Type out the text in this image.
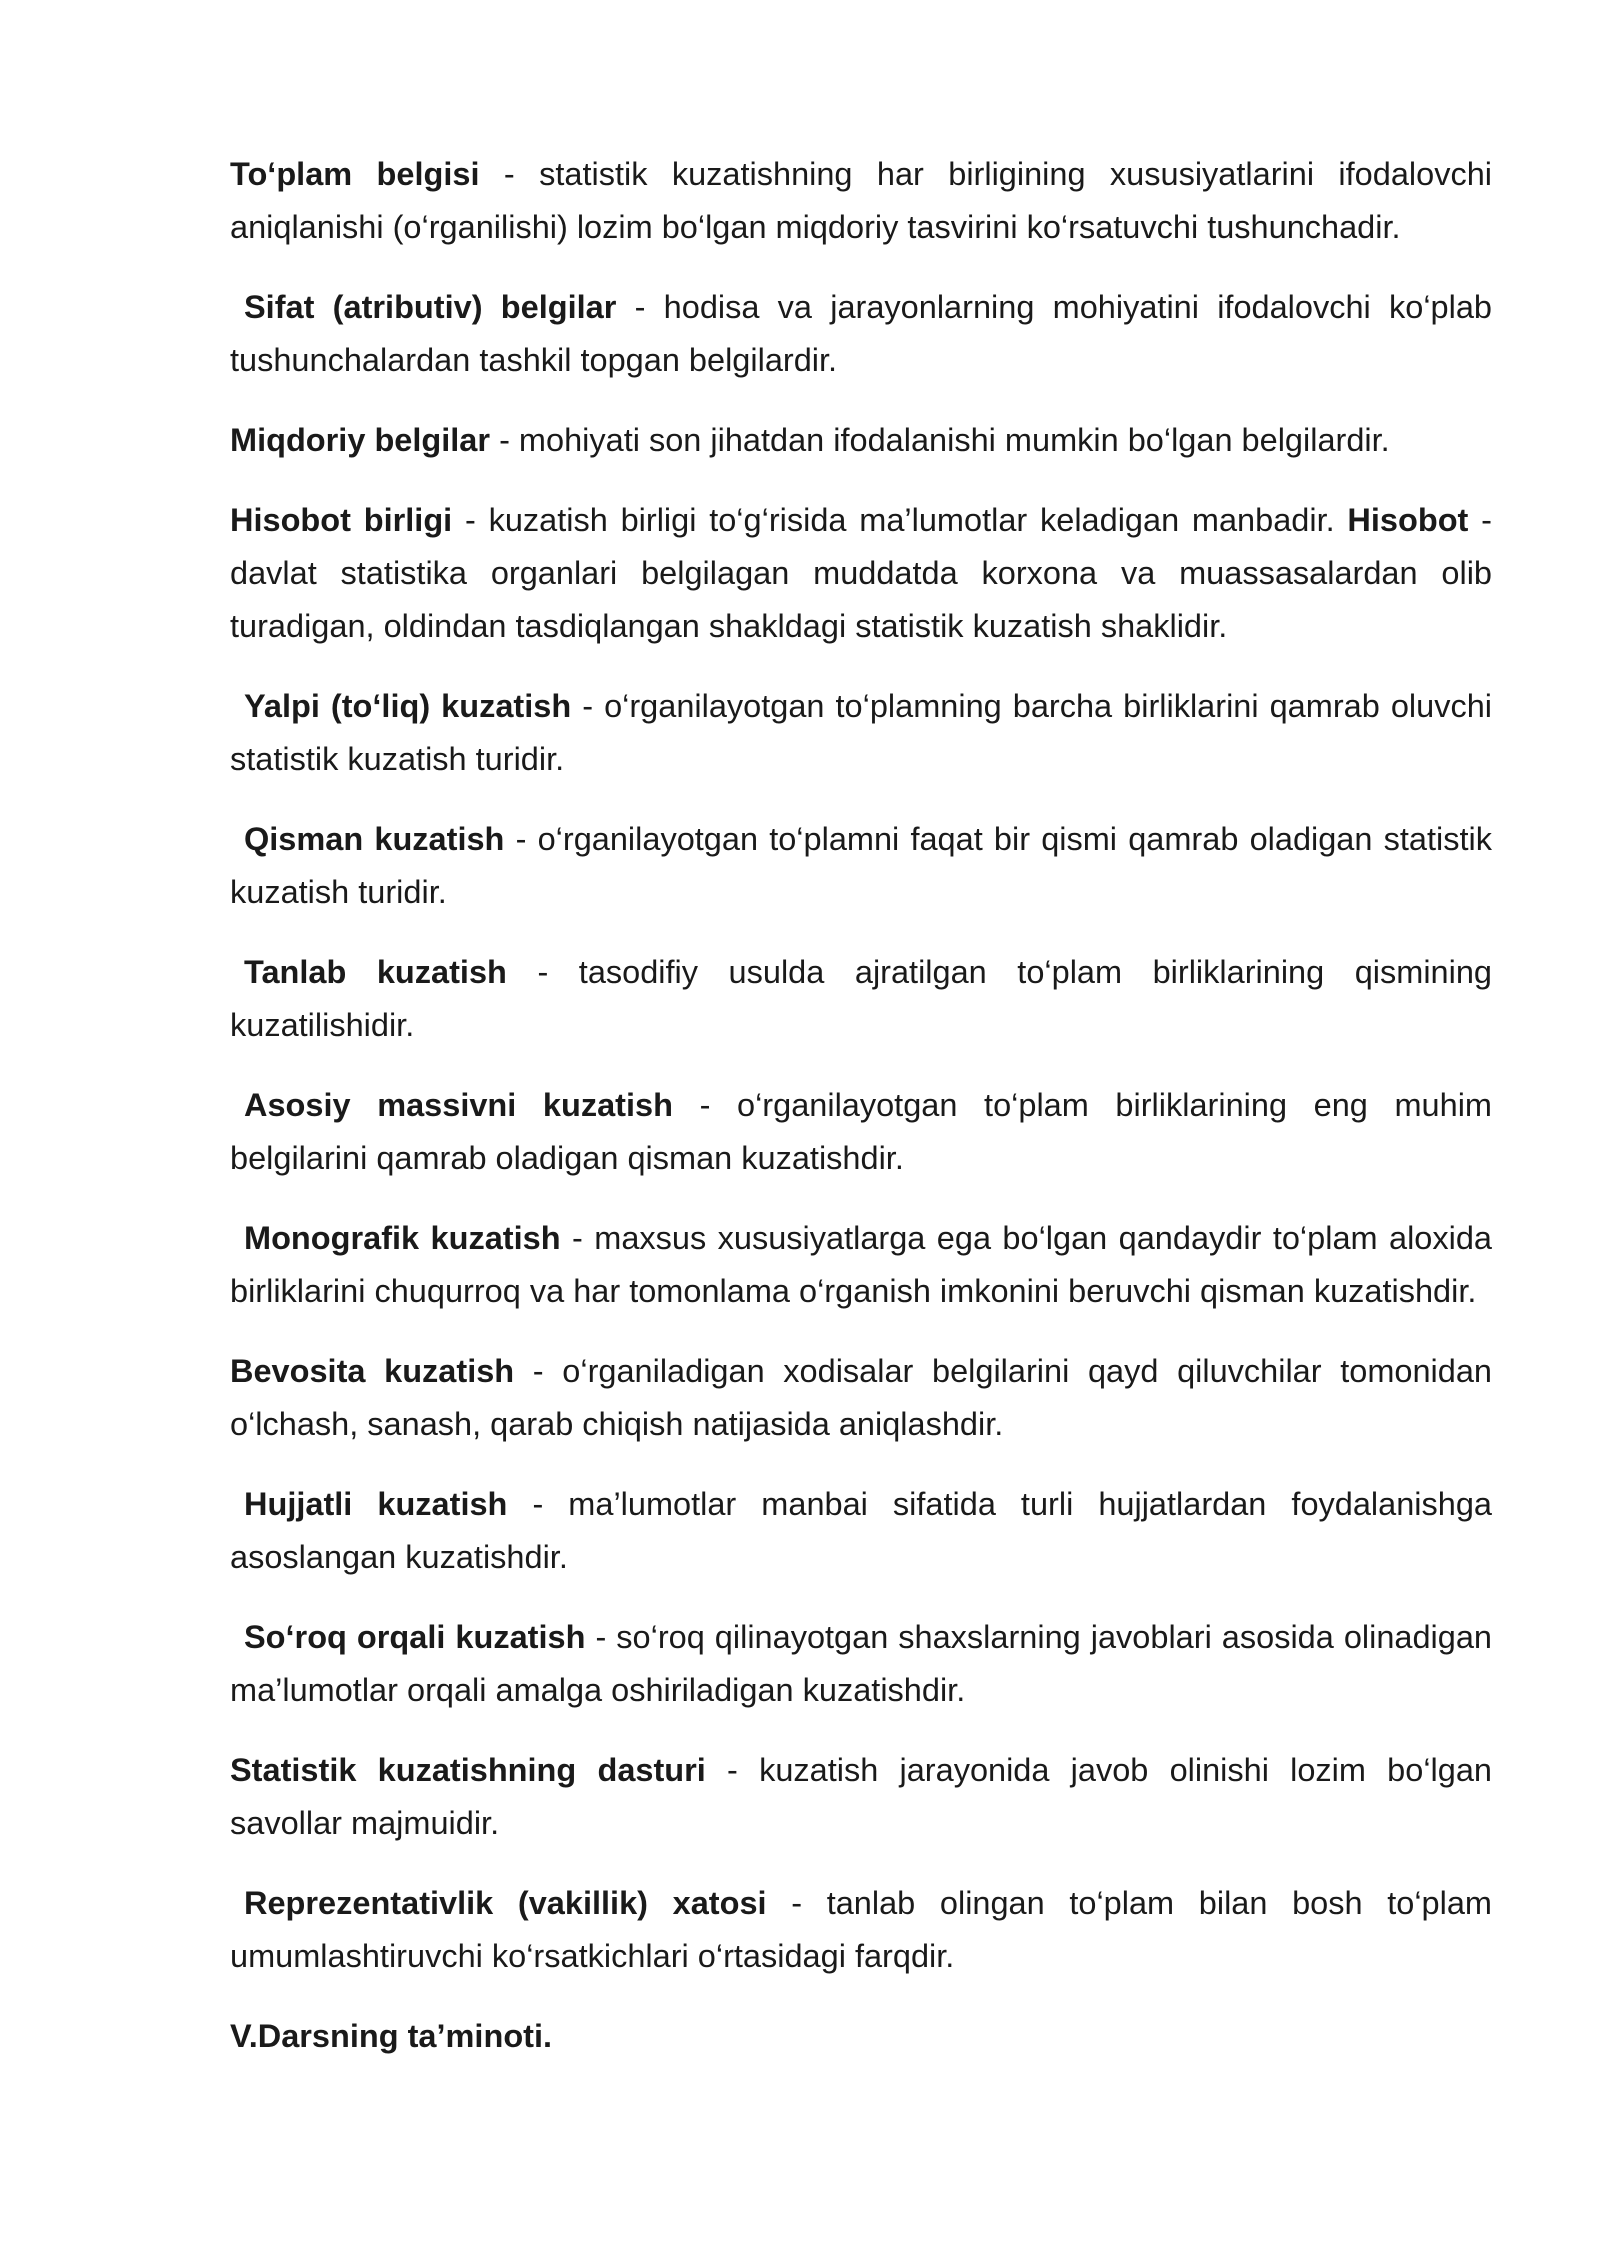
To‘plam belgisi - statistik kuzatishning har birligining xususiyatlarini ifodalovchi aniqlanishi (o‘rganilishi) lozim bo‘lgan miqdoriy tasvirini ko‘rsatuvchi tushunchadir.

Sifat (atributiv) belgilar - hodisa va jarayonlarning mohiyatini ifodalovchi ko‘plab tushunchalardan tashkil topgan belgilardir.

Miqdoriy belgilar - mohiyati son jihatdan ifodalanishi mumkin bo‘lgan belgilardir.

Hisobot birligi - kuzatish birligi to‘g‘risida ma’lumotlar keladigan manbadir. Hisobot - davlat statistika organlari belgilagan muddatda korxona va muassasalardan olib turadigan, oldindan tasdiqlangan shakldagi statistik kuzatish shaklidir.

Yalpi (to‘liq) kuzatish - o‘rganilayotgan to‘plamning barcha birliklarini qamrab oluvchi statistik kuzatish turidir.

Qisman kuzatish - o‘rganilayotgan to‘plamni faqat bir qismi qamrab oladigan statistik kuzatish turidir.

Tanlab kuzatish - tasodifiy usulda ajratilgan to‘plam birliklarining qismining kuzatilishidir.

Asosiy massivni kuzatish - o‘rganilayotgan to‘plam birliklarining eng muhim belgilarini qamrab oladigan qisman kuzatishdir.

Monografik kuzatish - maxsus xususiyatlarga ega bo‘lgan qandaydir to‘plam aloxida birliklarini chuqurroq va har tomonlama o‘rganish imkonini beruvchi qisman kuzatishdir.

Bevosita kuzatish - o‘rganiladigan xodisalar belgilarini qayd qiluvchilar tomonidan o‘lchash, sanash, qarab chiqish natijasida aniqlashdir.

Hujjatli kuzatish - ma’lumotlar manbai sifatida turli hujjatlardan foydalanishga asoslangan kuzatishdir.

So‘roq orqali kuzatish - so‘roq qilinayotgan shaxslarning javoblari asosida olinadigan ma’lumotlar orqali amalga oshiriladigan kuzatishdir.

Statistik kuzatishning dasturi - kuzatish jarayonida javob olinishi lozim bo‘lgan savollar majmuidir.

Reprezentativlik (vakillik) xatosi - tanlab olingan to‘plam bilan bosh to‘plam umumlashtiruvchi ko‘rsatkichlari o‘rtasidagi farqdir.

V.Darsning ta’minoti.
